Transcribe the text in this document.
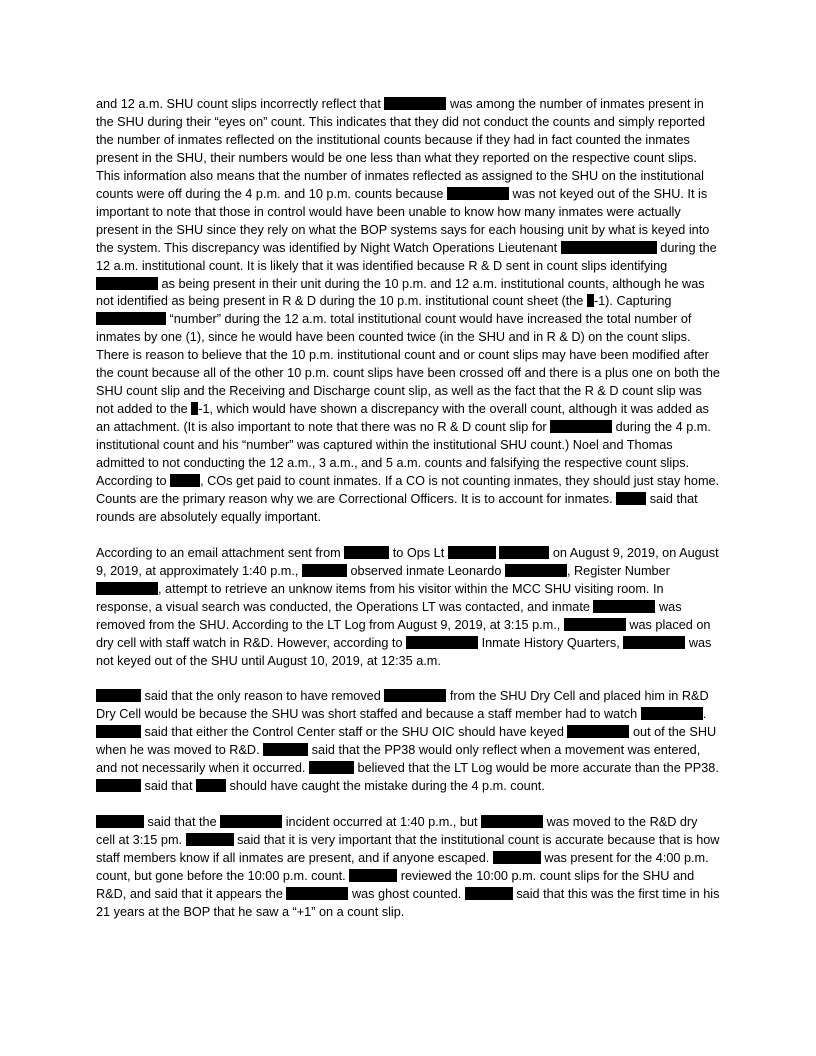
and 12 a.m. SHU count slips incorrectly reflect that	was among the number of inmates present in the SHU during their “eyes on” count. This indicates that they did not conduct the counts and simply reported the number of inmates reflected on the institutional counts because if they had in fact counted the inmates present in the SHU, their numbers would be one less than what they reported on the respective count slips. This information also means that the number of inmates reflected as assigned to the SHU on the institutional counts were off during the 4 p.m. and 10 p.m. counts because	was not keyed out of the SHU. It is important to note that those in control would have been unable to know how many inmates were actually present in the SHU since they rely on what the BOP systems says for each housing unit by what is keyed into the system. This discrepancy was identified by Night Watch Operations Lieutenant	during the 12 a.m. institutional count. It is likely that it was identified because R & D sent in count slips identifying  as being present in their unit during the 10 p.m. and 12 a.m. institutional counts, although he was not identified as being present in R & D during the 10 p.m. institutional count sheet (the -1). Capturing  “number” during the 12 a.m. total institutional count would have increased the total number of inmates by one (1), since he would have been counted twice (in the SHU and in R & D) on the count slips. There is reason to believe that the 10 p.m. institutional count and or count slips may have been modified after the count because all of the other 10 p.m. count slips have been crossed off and there is a plus one on both the SHU count slip and the Receiving and Discharge count slip, as well as the fact that the R & D count slip was not added to the -1, which would have shown a discrepancy with the overall count, although it was added as an attachment. (It is also important to note that there was no R & D count slip for	during the 4 p.m. institutional count and his “number” was captured within the institutional SHU count.) Noel and Thomas admitted to not conducting the 12 a.m., 3 a.m., and 5 a.m. counts and falsifying the respective count slips. According to , COs get paid to count inmates. If a CO is not counting inmates, they should just stay home. Counts are the primary reason why we are Correctional Officers. It is to account for inmates.  said that rounds are absolutely equally important.

According to an email attachment sent from	to Ops Lt	on August 9, 2019, on August 9, 2019, at approximately 1:40 p.m.,	observed inmate Leonardo	, Register Number , attempt to retrieve an unknow items from his visitor within the MCC SHU visiting room. In response, a visual search was conducted, the Operations LT was contacted, and inmate	was removed from the SHU. According to the LT Log from August 9, 2019, at 3:15 p.m.,	was placed on dry cell with staff watch in R&D. However, according to	Inmate History Quarters,	was not keyed out of the SHU until August 10, 2019, at 12:35 a.m.

said that the only reason to have removed	from the SHU Dry Cell and placed him in R&D Dry Cell would be because the SHU was short staffed and because a staff member had to watch	.  said that either the Control Center staff or the SHU OIC should have keyed	out of the SHU when he was moved to R&D.	said that the PP38 would only reflect when a movement was entered, and not necessarily when it occurred.	believed that the LT Log would be more accurate than the PP38.  said that  should have caught the mistake during the 4 p.m. count.

said that the	incident occurred at 1:40 p.m., but	was moved to the R&D dry cell at 3:15 pm.	said that it is very important that the institutional count is accurate because that is how staff members know if all inmates are present, and if anyone escaped.	was present for the 4:00 p.m. count, but gone before the 10:00 p.m. count.	reviewed the 10:00 p.m. count slips for the SHU and R&D, and said that it appears the	was ghost counted.	said that this was the first time in his 21 years at the BOP that he saw a “+1” on a count slip.
